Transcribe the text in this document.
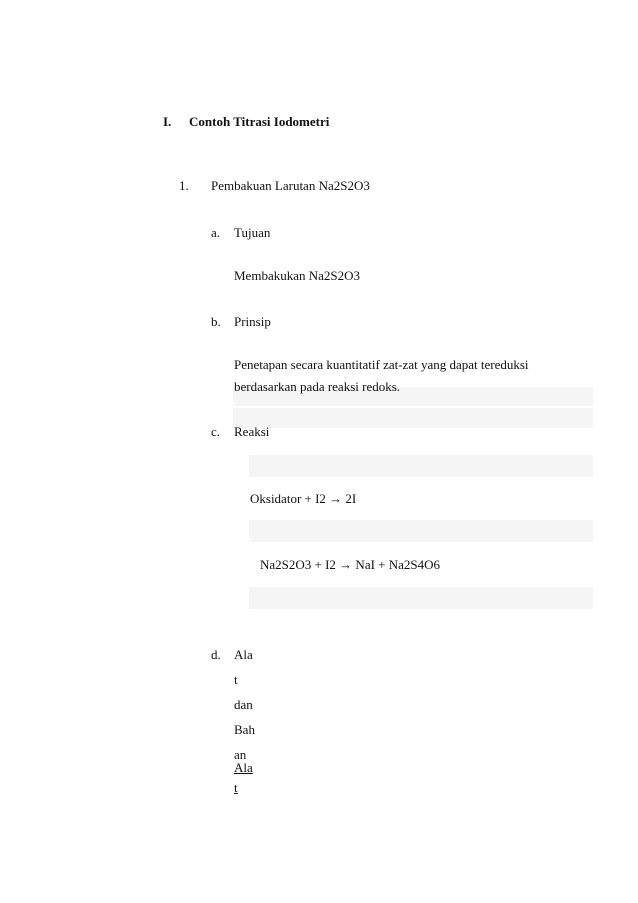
I. Contoh Titrasi Iodometri
1. Pembakuan Larutan Na2S2O3
a. Tujuan
Membakukan Na2S2O3
b. Prinsip
Penetapan secara kuantitatif zat-zat yang dapat tereduksi
berdasarkan pada reaksi redoks.
c. Reaksi
Oksidator + I2 → 2I
Na2S2O3 + I2 → NaI + Na2S4O6
d. Ala
t
dan
Bah
an
Ala
t
